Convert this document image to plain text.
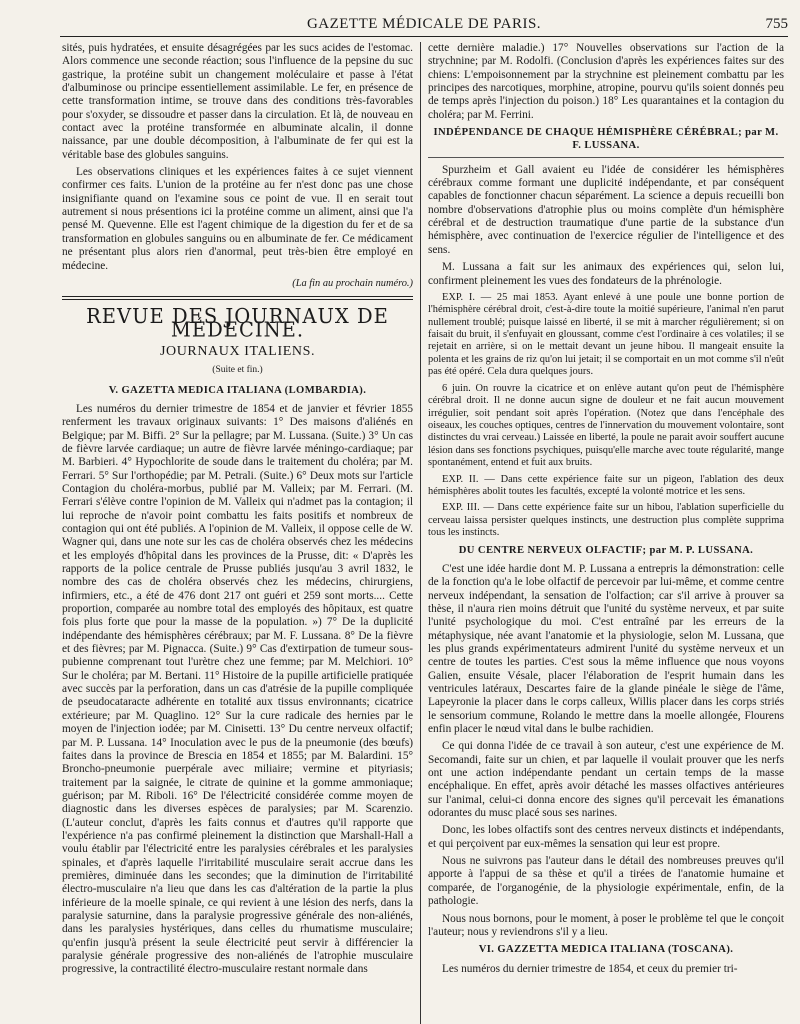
GAZETTE MÉDICALE DE PARIS.	755

sités, puis hydratées, et ensuite désagrégées par les sucs acides de l'estomac. Alors commence une seconde réaction; sous l'influence de la pepsine du suc gastrique, la protéine subit un changement moléculaire et passe à l'état d'albuminose ou principe essentiellement assimilable. Le fer, en présence de cette transformation intime, se trouve dans des conditions très-favorables pour s'oxyder, se dissoudre et passer dans la circulation. Et là, de nouveau en contact avec la protéine transformée en albuminate alcalin, il donne naissance, par une double décomposition, à l'albuminate de fer qui est la véritable base des globules sanguins.

Les observations cliniques et les expériences faites à ce sujet viennent confirmer ces faits. L'union de la protéine au fer n'est donc pas une chose insignifiante quand on l'examine sous ce point de vue. Il en serait tout autrement si nous présentions ici la protéine comme un aliment, ainsi que l'a pensé M. Quevenne. Elle est l'agent chimique de la digestion du fer et de sa transformation en globules sanguins ou en albuminate de fer. Ce médicament ne présentant plus alors rien d'anormal, peut très-bien être employé en médecine.

(La fin au prochain numéro.)
REVUE DES JOURNAUX DE MÉDECINE.
JOURNAUX ITALIENS.
(Suite et fin.)
V. GAZETTA MEDICA ITALIANA (LOMBARDIA).

Les numéros du dernier trimestre de 1854 et de janvier et février 1855 renferment les travaux originaux suivants: 1° Des maisons d'aliénés en Belgique; par M. Biffi. 2° Sur la pellagre; par M. Lussana. (Suite.) 3° Un cas de fièvre larvée cardiaque; un autre de fièvre larvée méningo-cardiaque; par M. Barbieri. 4° Hypochlorite de soude dans le traitement du choléra; par M. Ferrari. 5° Sur l'orthopédie; par M. Petrali. (Suite.) 6° Deux mots sur l'article Contagion du choléra-morbus, publié par M. Valleix; par M. Ferrari. (M. Ferrari s'élève contre l'opinion de M. Valleix qui n'admet pas la contagion; il lui reproche de n'avoir point combattu les faits positifs et nombreux de contagion qui ont été publiés. A l'opinion de M. Valleix, il oppose celle de W. Wagner qui, dans une note sur les cas de choléra observés chez les médecins et les employés d'hôpital dans les provinces de la Prusse, dit: « D'après les rapports de la police centrale de Prusse publiés jusqu'au 3 avril 1832, le nombre des cas de choléra observés chez les médecins, chirurgiens, infirmiers, etc., a été de 476 dont 217 ont guéri et 259 sont morts.... Cette proportion, comparée au nombre total des employés des hôpitaux, est quatre fois plus forte que pour la masse de la population. ») 7° De la duplicité indépendante des hémisphères cérébraux; par M. F. Lussana. 8° De la fièvre et des fièvres; par M. Pignacca. (Suite.) 9° Cas d'extirpation de tumeur sous-pubienne comprenant tout l'urètre chez une femme; par M. Melchiori. 10° Sur le choléra; par M. Bertani. 11° Histoire de la pupille artificielle pratiquée avec succès par la perforation, dans un cas d'atrésie de la pupille compliquée de pseudocataracte adhérente en totalité aux tissus environnants; cicatrice extérieure; par M. Quaglino. 12° Sur la cure radicale des hernies par le moyen de l'injection iodée; par M. Cinisetti. 13° Du centre nerveux olfactif; par M. P. Lussana. 14° Inoculation avec le pus de la pneumonie (des bœufs) faites dans la province de Brescia en 1854 et 1855; par M. Balardini. 15° Broncho-pneumonie puerpérale avec miliaire; vermine et pityriasis; traitement par la saignée, le citrate de quinine et la gomme ammoniaque; guérison; par M. Riboli. 16° De l'électricité considérée comme moyen de diagnostic dans les diverses espèces de paralysies; par M. Scarenzio. (L'auteur conclut, d'après les faits connus et d'autres qu'il rapporte que l'expérience n'a pas confirmé pleinement la distinction que Marshall-Hall a voulu établir par l'électricité entre les paralysies cérébrales et les paralysies spinales, et d'après laquelle l'irritabilité musculaire serait accrue dans les premières, diminuée dans les secondes; que la diminution de l'irritabilité électro-musculaire n'a lieu que dans les cas d'altération de la partie la plus inférieure de la moelle spinale, ce qui revient à une lésion des nerfs, dans la paralysie saturnine, dans la paralysie progressive générale des non-aliénés, dans les paralysies hystériques, dans celles du rhumatisme musculaire; qu'enfin jusqu'à présent la seule électricité peut servir à différencier la paralysie générale progressive des non-aliénés de l'atrophie musculaire progressive, la contractilité électro-musculaire restant normale dans

cette dernière maladie.) 17° Nouvelles observations sur l'action de la strychnine; par M. Rodolfi. (Conclusion d'après les expériences faites sur des chiens: L'empoisonnement par la strychnine est pleinement combattu par les principes des narcotiques, morphine, atropine, pourvu qu'ils soient donnés peu de temps après l'injection du poison.) 18° Les quarantaines et la contagion du choléra; par M. Ferrini.

INDÉPENDANCE DE CHAQUE HÉMISPHÈRE CÉRÉBRAL; par M. F. LUSSANA.

Spurzheim et Gall avaient eu l'idée de considérer les hémisphères cérébraux comme formant une duplicité indépendante, et par conséquent capables de fonctionner chacun séparément. La science a depuis recueilli bon nombre d'observations d'atrophie plus ou moins complète d'un hémisphère cérébral et de destruction traumatique d'une partie de la substance d'un hémisphère, avec continuation de l'exercice régulier de l'intelligence et des sens.

M. Lussana a fait sur les animaux des expériences qui, selon lui, confirment pleinement les vues des fondateurs de la phrénologie.

EXP. I. — 25 mai 1853. Ayant enlevé à une poule une bonne portion de l'hémisphère cérébral droit, c'est-à-dire toute la moitié supérieure, l'animal n'en parut nullement troublé; puisque laissé en liberté, il se mit à marcher régulièrement; si on faisait du bruit, il s'enfuyait en gloussant, comme c'est l'ordinaire à ces volatiles; il se rejetait en arrière, si on le mettait devant un jeune hibou. Il mangeait ensuite la polenta et les grains de riz qu'on lui jetait; il se comportait en un mot comme s'il n'eût pas été opéré. Cela dura quelques jours.

6 juin. On rouvre la cicatrice et on enlève autant qu'on peut de l'hémisphère cérébral droit. Il ne donne aucun signe de douleur et ne fait aucun mouvement irrégulier, soit pendant soit après l'opération. (Notez que dans l'encéphale des oiseaux, les couches optiques, centres de l'innervation du mouvement volontaire, sont distinctes du vrai cerveau.) Laissée en liberté, la poule ne parait avoir souffert aucune lésion dans ses fonctions psychiques, puisqu'elle marche avec toute régularité, mange spontanément, entend et fuit aux bruits.

EXP. II. — Dans cette expérience faite sur un pigeon, l'ablation des deux hémisphères abolit toutes les facultés, excepté la volonté motrice et les sens.

EXP. III. — Dans cette expérience faite sur un hibou, l'ablation superficielle du cerveau laissa persister quelques instincts, une destruction plus complète supprima tous les instincts.

DU CENTRE NERVEUX OLFACTIF; par M. P. LUSSANA.

C'est une idée hardie dont M. P. Lussana a entrepris la démonstration: celle de la fonction qu'a le lobe olfactif de percevoir par lui-même, et comme centre nerveux indépendant, la sensation de l'olfaction; car s'il arrive à prouver sa thèse, il n'aura rien moins détruit que l'unité du système nerveux, et par suite l'unité psychologique du moi. C'est entraîné par les erreurs de la métaphysique, née avant l'anatomie et la physiologie, selon M. Lussana, que les plus grands expérimentateurs admirent l'unité du système nerveux et un centre de toutes les parties. C'est sous la même influence que nous voyons Galien, ensuite Vésale, placer l'élaboration de l'esprit humain dans les ventricules latéraux, Descartes faire de la glande pinéale le siège de l'âme, Lapeyronie la placer dans le corps calleux, Willis placer dans les corps striés le sensorium commune, Rolando le mettre dans la moelle allongée, Flourens enfin placer le nœud vital dans le bulbe rachidien.

Ce qui donna l'idée de ce travail à son auteur, c'est une expérience de M. Secomandi, faite sur un chien, et par laquelle il voulait prouver que les nerfs ont une action indépendante pendant un certain temps de la masse encéphalique. En effet, après avoir détaché les masses olfactives antérieures sur l'animal, celui-ci donna encore des signes qu'il percevait les émanations odorantes du musc placé sous ses narines.

Donc, les lobes olfactifs sont des centres nerveux distincts et indépendants, et qui perçoivent par eux-mêmes la sensation qui leur est propre.

Nous ne suivrons pas l'auteur dans le détail des nombreuses preuves qu'il apporte à l'appui de sa thèse et qu'il a tirées de l'anatomie humaine et comparée, de l'organogénie, de la physiologie expérimentale, enfin, de la pathologie.

Nous nous bornons, pour le moment, à poser le problème tel que le conçoit l'auteur; nous y reviendrons s'il y a lieu.

VI. GAZZETTA MEDICA ITALIANA (TOSCANA).

Les numéros du dernier trimestre de 1854, et ceux du premier tri-
